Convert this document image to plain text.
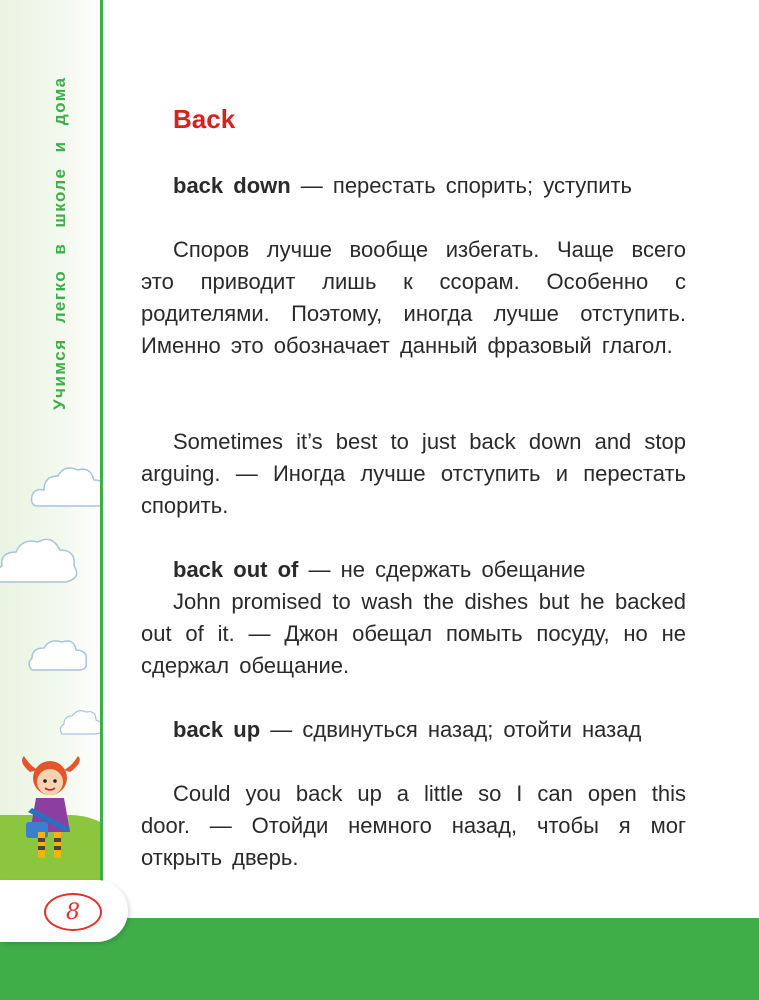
Учимся легко в школе и дома
8
Back
back down — перестать спорить; уступить
Споров лучше вообще избегать. Чаще всего это приводит лишь к ссорам. Особенно с родителями. Поэтому, иногда лучше отступить. Именно это обозначает данный фразовый глагол.
Sometimes it’s best to just back down and stop arguing. — Иногда лучше отступить и перестать спорить.
back out of — не сдержать обещание
John promised to wash the dishes but he backed out of it. — Джон обещал помыть посуду, но не сдержал обещание.
back up — сдвинуться назад; отойти назад
Could you back up a little so I can open this door. — Отойди немного назад, чтобы я мог открыть дверь.
